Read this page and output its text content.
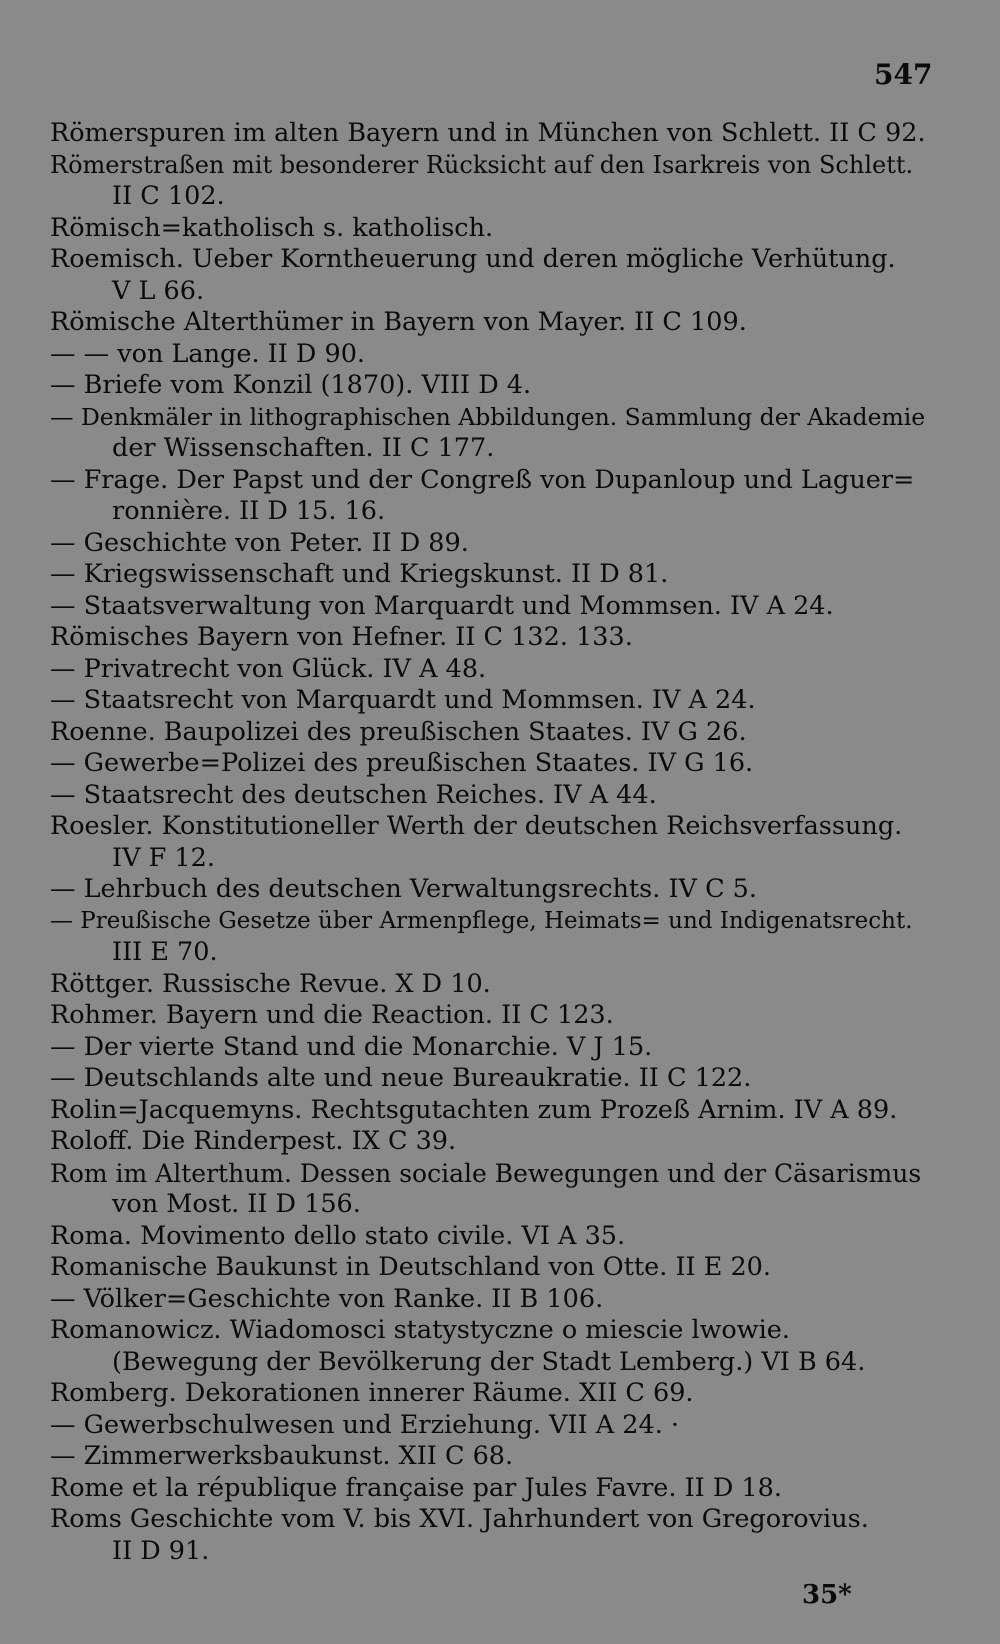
547
Römerspuren im alten Bayern und in München von Schlett. II C 92.
Römerstraßen mit besonderer Rücksicht auf den Isarkreis von Schlett.
II C 102.
Römisch=katholisch s. katholisch.
Roemisch. Ueber Korntheuerung und deren mögliche Verhütung.
V L 66.
Römische Alterthümer in Bayern von Mayer. II C 109.
— — von Lange. II D 90.
— Briefe vom Konzil (1870). VIII D 4.
— Denkmäler in lithographischen Abbildungen. Sammlung der Akademie
der Wissenschaften. II C 177.
— Frage. Der Papst und der Congreß von Dupanloup und Laguer=
ronnière. II D 15. 16.
— Geschichte von Peter. II D 89.
— Kriegswissenschaft und Kriegskunst. II D 81.
— Staatsverwaltung von Marquardt und Mommsen. IV A 24.
Römisches Bayern von Hefner. II C 132. 133.
— Privatrecht von Glück. IV A 48.
— Staatsrecht von Marquardt und Mommsen. IV A 24.
Roenne. Baupolizei des preußischen Staates. IV G 26.
— Gewerbe=Polizei des preußischen Staates. IV G 16.
— Staatsrecht des deutschen Reiches. IV A 44.
Roesler. Konstitutioneller Werth der deutschen Reichsverfassung.
IV F 12.
— Lehrbuch des deutschen Verwaltungsrechts. IV C 5.
— Preußische Gesetze über Armenpflege, Heimats= und Indigenatsrecht.
III E 70.
Röttger. Russische Revue. X D 10.
Rohmer. Bayern und die Reaction. II C 123.
— Der vierte Stand und die Monarchie. V J 15.
— Deutschlands alte und neue Bureaukratie. II C 122.
Rolin=Jacquemyns. Rechtsgutachten zum Prozeß Arnim. IV A 89.
Roloff. Die Rinderpest. IX C 39.
Rom im Alterthum. Dessen sociale Bewegungen und der Cäsarismus
von Most. II D 156.
Roma. Movimento dello stato civile. VI A 35.
Romanische Baukunst in Deutschland von Otte. II E 20.
— Völker=Geschichte von Ranke. II B 106.
Romanowicz. Wiadomosci statystyczne o miescie lwowie.
(Bewegung der Bevölkerung der Stadt Lemberg.) VI B 64.
Romberg. Dekorationen innerer Räume. XII C 69.
— Gewerbschulwesen und Erziehung. VII A 24. ·
— Zimmerwerksbaukunst. XII C 68.
Rome et la république française par Jules Favre. II D 18.
Roms Geschichte vom V. bis XVI. Jahrhundert von Gregorovius.
II D 91.
35*
